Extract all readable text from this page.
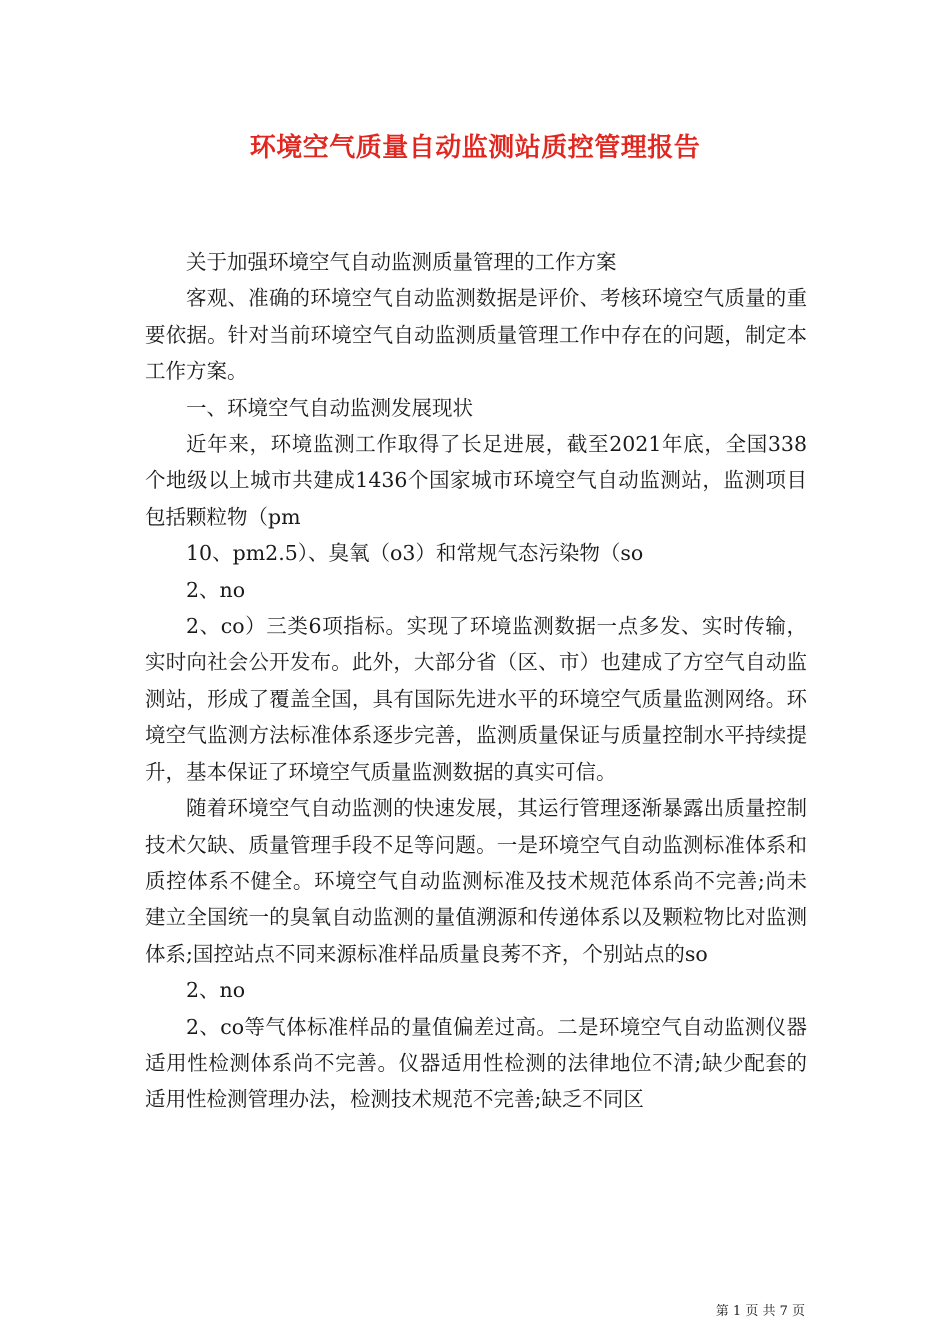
环境空气质量自动监测站质控管理报告

关于加强环境空气自动监测质量管理的工作方案

客观、准确的环境空气自动监测数据是评价、考核环境空气质量的重要依据。针对当前环境空气自动监测质量管理工作中存在的问题，制定本工作方案。

一、环境空气自动监测发展现状

近年来，环境监测工作取得了长足进展，截至2021年底，全国338个地级以上城市共建成1436个国家城市环境空气自动监测站，监测项目包括颗粒物（pm

10、pm2.5）、臭氧（o3）和常规气态污染物（so

2、no

2、co）三类6项指标。实现了环境监测数据一点多发、实时传输，实时向社会公开发布。此外，大部分省（区、市）也建成了方空气自动监测站，形成了覆盖全国，具有国际先进水平的环境空气质量监测网络。环境空气监测方法标准体系逐步完善，监测质量保证与质量控制水平持续提升，基本保证了环境空气质量监测数据的真实可信。

随着环境空气自动监测的快速发展，其运行管理逐渐暴露出质量控制技术欠缺、质量管理手段不足等问题。一是环境空气自动监测标准体系和质控体系不健全。环境空气自动监测标准及技术规范体系尚不完善;尚未建立全国统一的臭氧自动监测的量值溯源和传递体系以及颗粒物比对监测体系;国控站点不同来源标准样品质量良莠不齐，个别站点的so

2、no

2、co等气体标准样品的量值偏差过高。二是环境空气自动监测仪器适用性检测体系尚不完善。仪器适用性检测的法律地位不清;缺少配套的适用性检测管理办法，检测技术规范不完善;缺乏不同区

第 1 页 共 7 页
